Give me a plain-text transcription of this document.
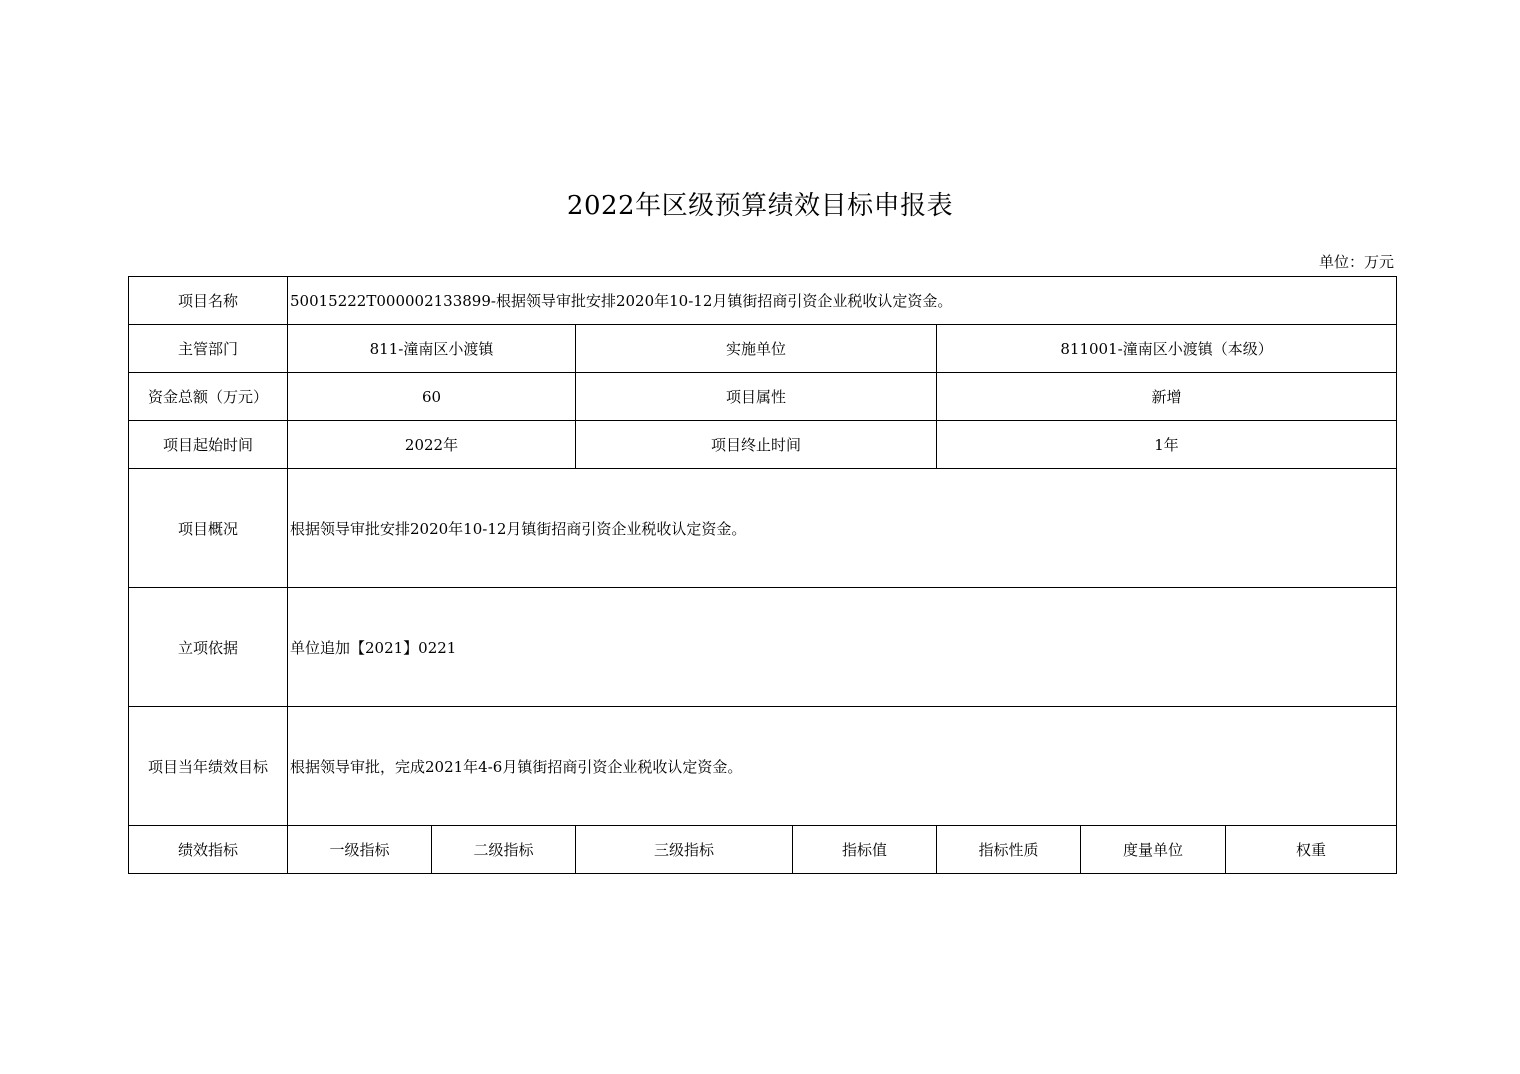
2022年区级预算绩效目标申报表
单位：万元
项目名称	50015222T000002133899-根据领导审批安排2020年10-12月镇街招商引资企业税收认定资金。						
主管部门	811-潼南区小渡镇		实施单位		811001-潼南区小渡镇（本级）		
资金总额（万元）	60		项目属性		新增		
项目起始时间	2022年		项目终止时间		1年		
项目概况	根据领导审批安排2020年10-12月镇街招商引资企业税收认定资金。						
立项依据	单位追加【2021】0221						
项目当年绩效目标	根据领导审批，完成2021年4-6月镇街招商引资企业税收认定资金。						
绩效指标	一级指标	二级指标	三级指标	指标值	指标性质	度量单位	权重
